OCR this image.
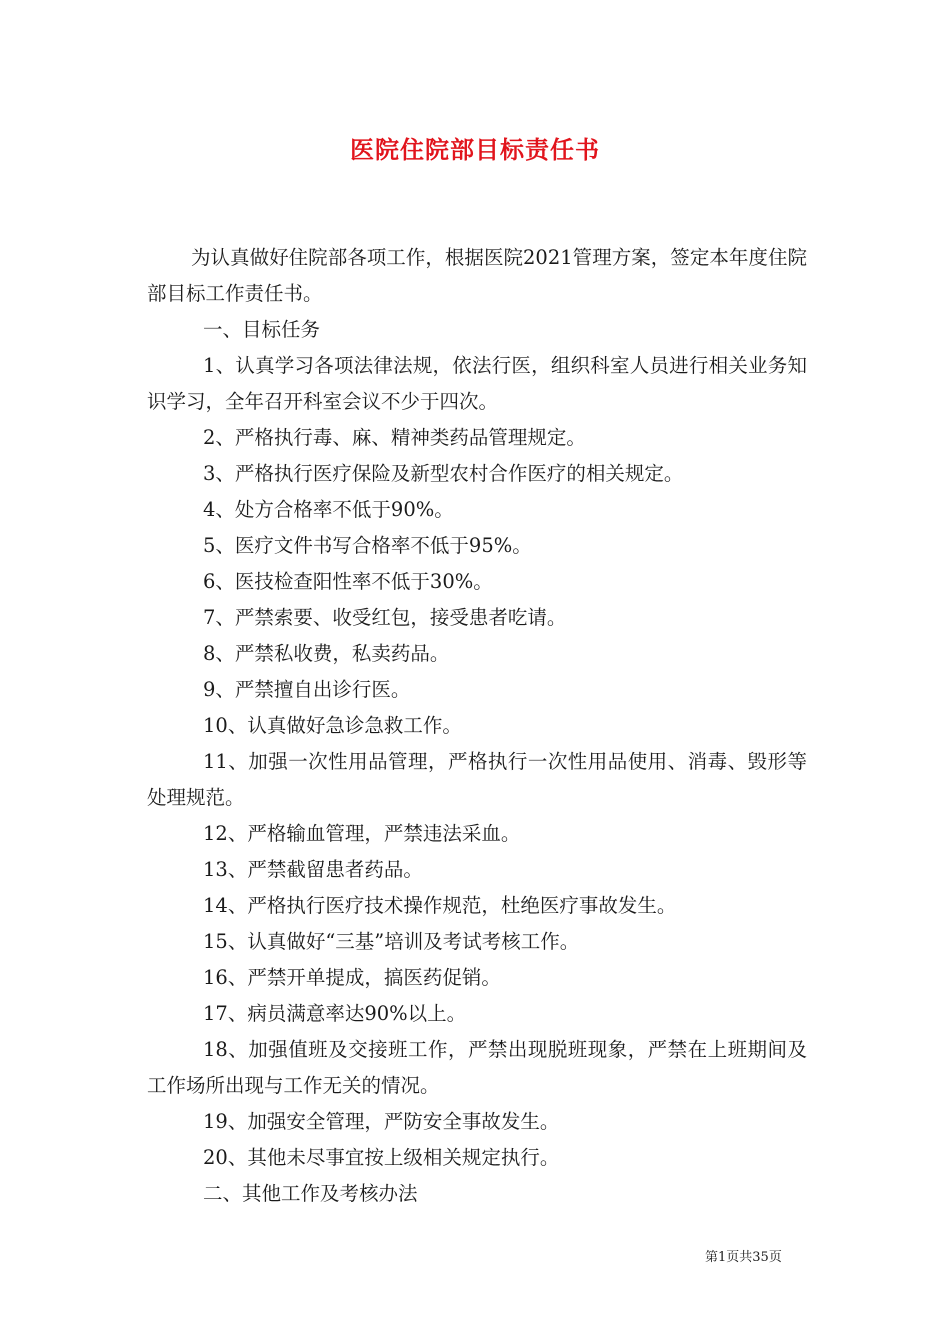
医院住院部目标责任书

为认真做好住院部各项工作，根据医院2021管理方案，签定本年度住院部目标工作责任书。

一、目标任务

1、认真学习各项法律法规，依法行医，组织科室人员进行相关业务知识学习，全年召开科室会议不少于四次。

2、严格执行毒、麻、精神类药品管理规定。

3、严格执行医疗保险及新型农村合作医疗的相关规定。

4、处方合格率不低于90%。

5、医疗文件书写合格率不低于95%。

6、医技检查阳性率不低于30%。

7、严禁索要、收受红包，接受患者吃请。

8、严禁私收费，私卖药品。

9、严禁擅自出诊行医。

10、认真做好急诊急救工作。

11、加强一次性用品管理，严格执行一次性用品使用、消毒、毁形等处理规范。

12、严格输血管理，严禁违法采血。

13、严禁截留患者药品。

14、严格执行医疗技术操作规范，杜绝医疗事故发生。

15、认真做好“三基”培训及考试考核工作。

16、严禁开单提成，搞医药促销。

17、病员满意率达90%以上。

18、加强值班及交接班工作，严禁出现脱班现象，严禁在上班期间及工作场所出现与工作无关的情况。

19、加强安全管理，严防安全事故发生。

20、其他未尽事宜按上级相关规定执行。

二、其他工作及考核办法

第1页共35页
